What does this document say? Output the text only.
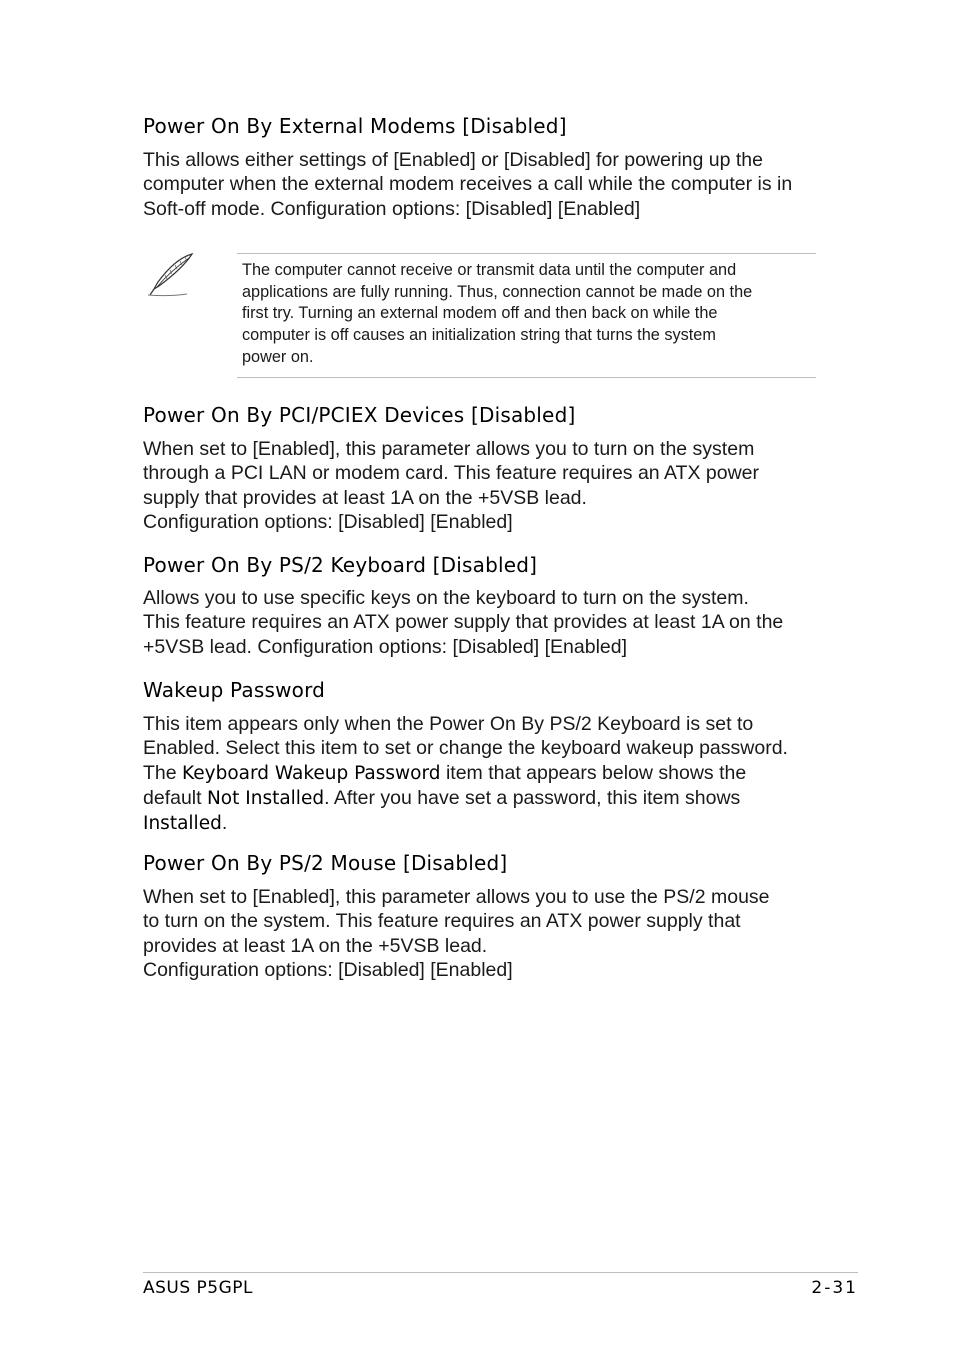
Power On By External Modems [Disabled]

This allows either settings of [Enabled] or [Disabled] for powering up the
computer when the external modem receives a call while the computer is in
Soft-off mode. Configuration options: [Disabled] [Enabled]

The computer cannot receive or transmit data until the computer and
applications are fully running. Thus, connection cannot be made on the
first try. Turning an external modem off and then back on while the
computer is off causes an initialization string that turns the system
power on.

Power On By PCI/PCIEX Devices [Disabled]

When set to [Enabled], this parameter allows you to turn on the system
through a PCI LAN or modem card. This feature requires an ATX power
supply that provides at least 1A on the +5VSB lead.
Configuration options: [Disabled] [Enabled]

Power On By PS/2 Keyboard [Disabled]

Allows you to use specific keys on the keyboard to turn on the system.
This feature requires an ATX power supply that provides at least 1A on the
+5VSB lead. Configuration options: [Disabled] [Enabled]

Wakeup Password

This item appears only when the Power On By PS/2 Keyboard is set to
Enabled. Select this item to set or change the keyboard wakeup password.
The Keyboard Wakeup Password item that appears below shows the
default Not Installed. After you have set a password, this item shows
Installed.

Power On By PS/2 Mouse [Disabled]

When set to [Enabled], this parameter allows you to use the PS/2 mouse
to turn on the system. This feature requires an ATX power supply that
provides at least 1A on the +5VSB lead.
Configuration options: [Disabled] [Enabled]

ASUS P5GPL	2-31
